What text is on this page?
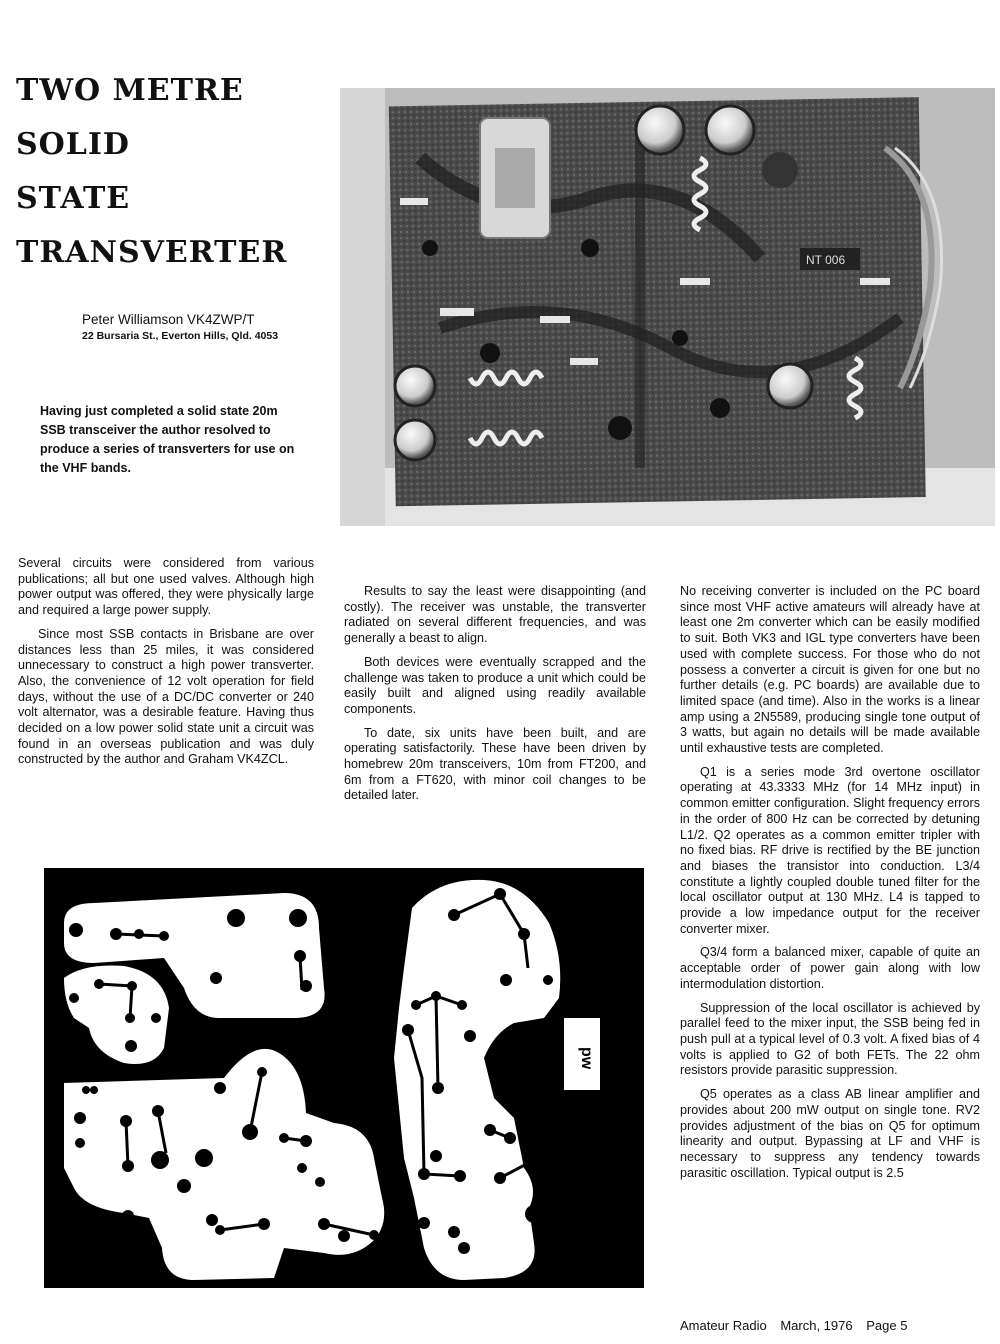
TWO METRE
SOLID
STATE
TRANSVERTER
Peter Williamson VK4ZWP/T
22 Bursaria St., Everton Hills, Qld. 4053

Having just completed a solid state 20m SSB transceiver the author resolved to produce a series of transverters for use on the VHF bands.

NT 006

Several circuits were considered from various publications; all but one used valves. Although high power output was offered, they were physically large and required a large power supply.

Since most SSB contacts in Brisbane are over distances less than 25 miles, it was considered unnecessary to construct a high power transverter. Also, the convenience of 12 volt operation for field days, without the use of a DC/DC converter or 240 volt alternator, was a desirable feature. Having thus decided on a low power solid state unit a circuit was found in an overseas publication and was duly constructed by the author and Graham VK4ZCL.

Results to say the least were disappointing (and costly). The receiver was unstable, the transverter radiated on several different frequencies, and was generally a beast to align.

Both devices were eventually scrapped and the challenge was taken to produce a unit which could be easily built and aligned using readily available components.

To date, six units have been built, and are operating satisfactorily. These have been driven by homebrew 20m transceivers, 10m from FT200, and 6m from a FT620, with minor coil changes to be detailed later.

No receiving converter is included on the PC board since most VHF active amateurs will already have at least one 2m converter which can be easily modified to suit. Both VK3 and IGL type converters have been used with complete success. For those who do not possess a converter a circuit is given for one but no further details (e.g. PC boards) are available due to limited space (and time). Also in the works is a linear amp using a 2N5589, producing single tone output of 3 watts, but again no details will be made available until exhaustive tests are completed.

Q1 is a series mode 3rd overtone oscillator operating at 43.3333 MHz (for 14 MHz input) in common emitter configuration. Slight frequency errors in the order of 800 Hz can be corrected by detuning L1/2. Q2 operates as a common emitter tripler with no fixed bias. RF drive is rectified by the BE junction and biases the transistor into conduction. L3/4 constitute a lightly coupled double tuned filter for the local oscillator output at 130 MHz. L4 is tapped to provide a low impedance output for the receiver converter mixer.

Q3/4 form a balanced mixer, capable of quite an acceptable order of power gain along with low intermodulation distortion.

Suppression of the local oscillator is achieved by parallel feed to the mixer input, the SSB being fed in push pull at a typical level of 0.3 volt. A fixed bias of 4 volts is applied to G2 of both FETs. The 22 ohm resistors provide parasitic suppression.

Q5 operates as a class AB linear amplifier and provides about 200 mW output on single tone. RV2 provides adjustment of the bias on Q5 for optimum linearity and output. Bypassing at LF and VHF is necessary to suppress any tendency towards parasitic oscillation. Typical output is 2.5

pw
Amateur Radio March, 1976 Page 5
